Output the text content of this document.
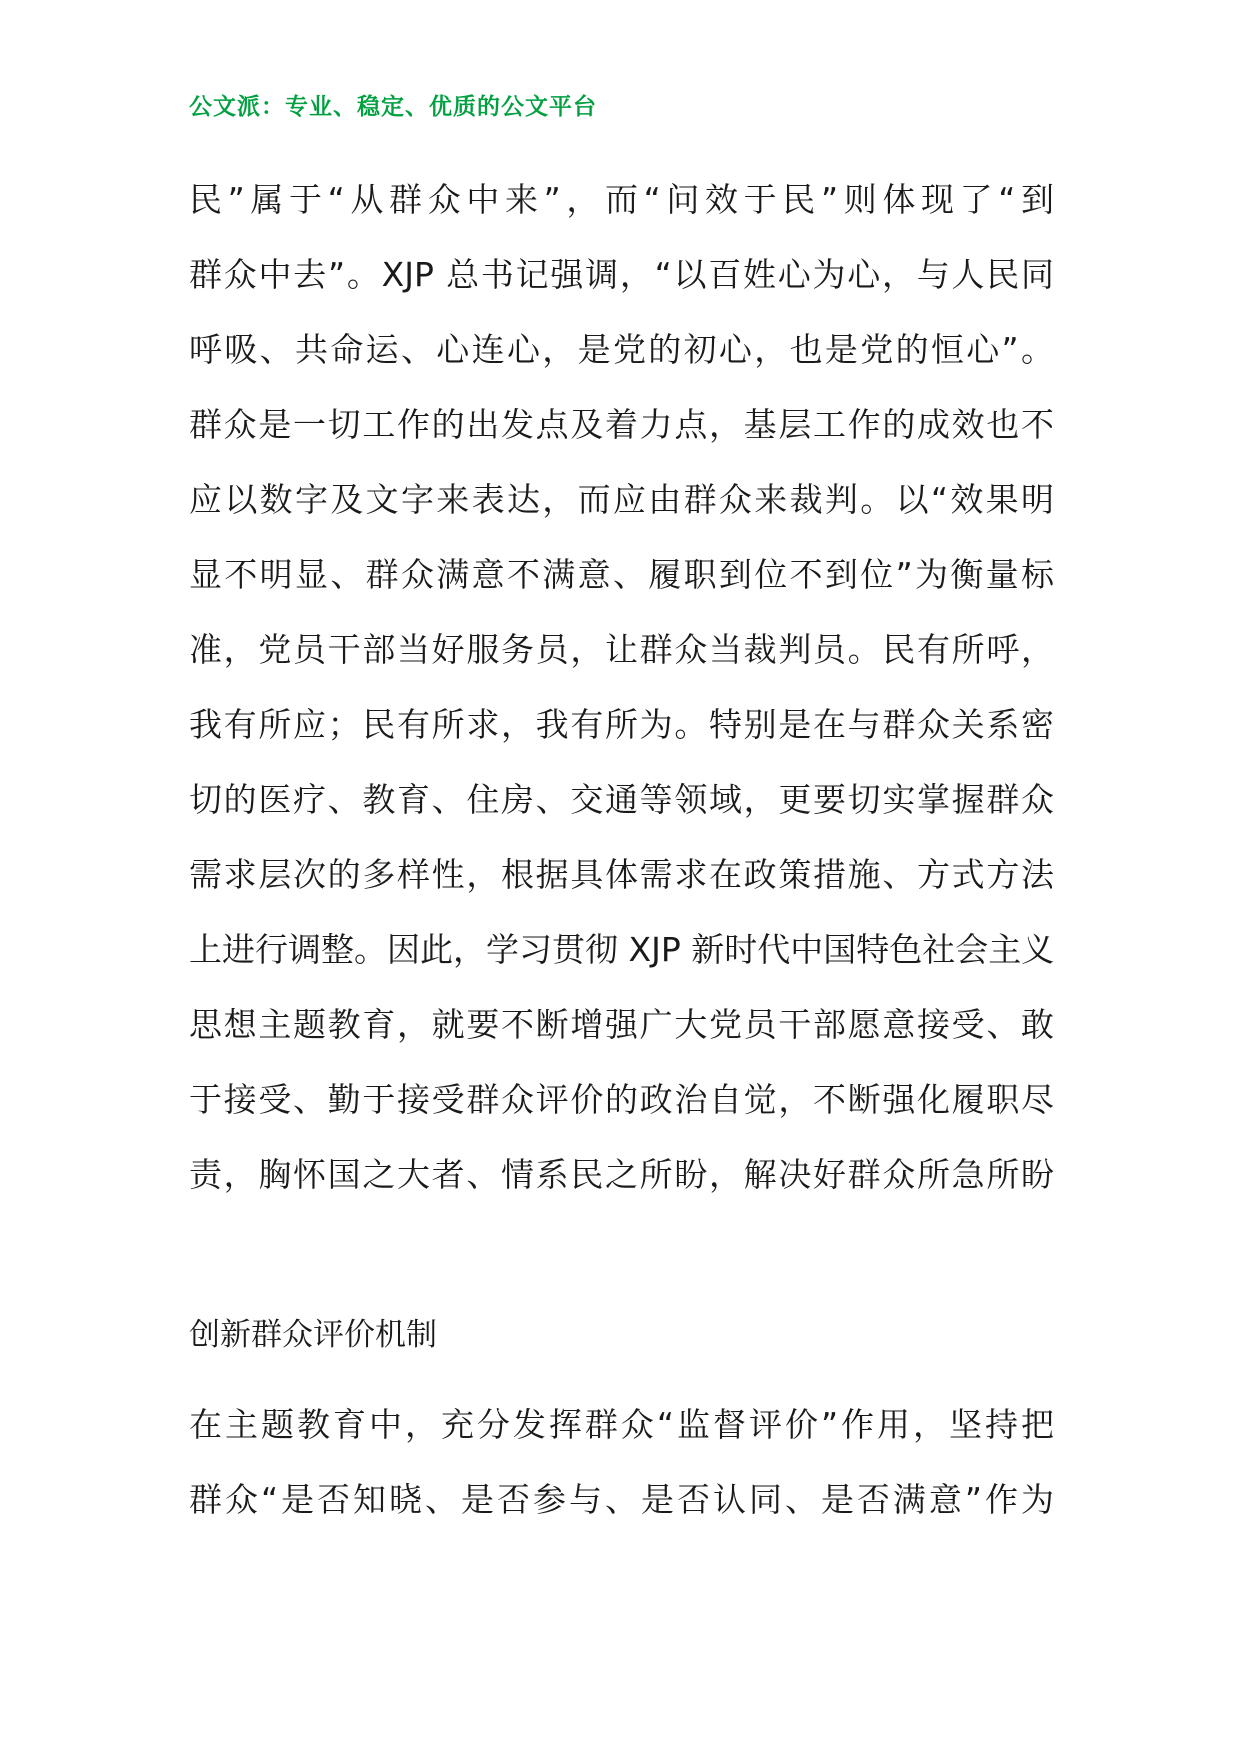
公文派：专业、稳定、优质的公文平台
民”属于“从群众中来”，而“问效于民”则体现了“到
群众中去”。XJP 总书记强调，“以百姓心为心，与人民同
呼吸、共命运、心连心，是党的初心，也是党的恒心”。
群众是一切工作的出发点及着力点，基层工作的成效也不
应以数字及文字来表达，而应由群众来裁判。以“效果明
显不明显、群众满意不满意、履职到位不到位”为衡量标
准，党员干部当好服务员，让群众当裁判员。民有所呼，
我有所应；民有所求，我有所为。特别是在与群众关系密
切的医疗、教育、住房、交通等领域，更要切实掌握群众
需求层次的多样性，根据具体需求在政策措施、方式方法
上进行调整。因此，学习贯彻 XJP 新时代中国特色社会主义
思想主题教育，就要不断增强广大党员干部愿意接受、敢
于接受、勤于接受群众评价的政治自觉，不断强化履职尽
责，胸怀国之大者、情系民之所盼，解决好群众所急所盼
创新群众评价机制
在主题教育中，充分发挥群众“监督评价”作用，坚持把
群众“是否知晓、是否参与、是否认同、是否满意”作为
